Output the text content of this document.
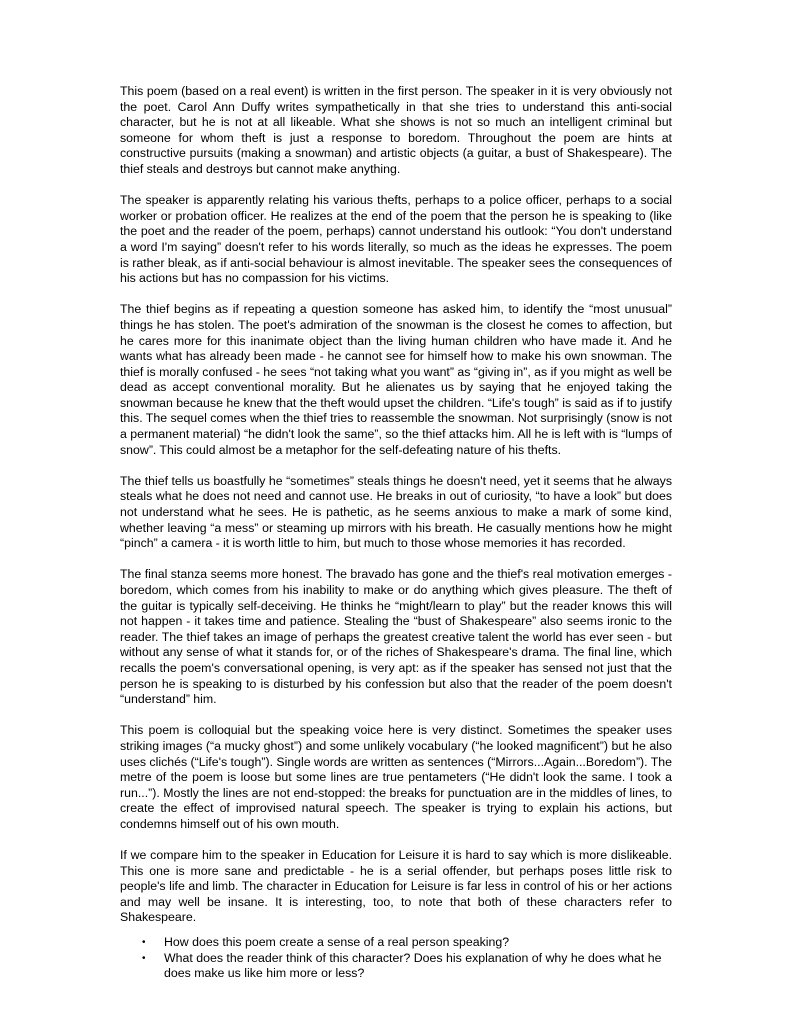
This poem (based on a real event) is written in the first person. The speaker in it is very obviously not the poet. Carol Ann Duffy writes sympathetically in that she tries to understand this anti-social character, but he is not at all likeable. What she shows is not so much an intelligent criminal but someone for whom theft is just a response to boredom. Throughout the poem are hints at constructive pursuits (making a snowman) and artistic objects (a guitar, a bust of Shakespeare). The thief steals and destroys but cannot make anything.

The speaker is apparently relating his various thefts, perhaps to a police officer, perhaps to a social worker or probation officer. He realizes at the end of the poem that the person he is speaking to (like the poet and the reader of the poem, perhaps) cannot understand his outlook: “You don't understand a word I'm saying” doesn't refer to his words literally, so much as the ideas he expresses. The poem is rather bleak, as if anti-social behaviour is almost inevitable. The speaker sees the consequences of his actions but has no compassion for his victims.

The thief begins as if repeating a question someone has asked him, to identify the “most unusual” things he has stolen. The poet's admiration of the snowman is the closest he comes to affection, but he cares more for this inanimate object than the living human children who have made it. And he wants what has already been made - he cannot see for himself how to make his own snowman. The thief is morally confused - he sees “not taking what you want” as “giving in”, as if you might as well be dead as accept conventional morality. But he alienates us by saying that he enjoyed taking the snowman because he knew that the theft would upset the children. “Life's tough” is said as if to justify this. The sequel comes when the thief tries to reassemble the snowman. Not surprisingly (snow is not a permanent material) “he didn't look the same”, so the thief attacks him. All he is left with is “lumps of snow”. This could almost be a metaphor for the self-defeating nature of his thefts.

The thief tells us boastfully he “sometimes” steals things he doesn't need, yet it seems that he always steals what he does not need and cannot use. He breaks in out of curiosity, “to have a look” but does not understand what he sees. He is pathetic, as he seems anxious to make a mark of some kind, whether leaving “a mess” or steaming up mirrors with his breath. He casually mentions how he might “pinch” a camera - it is worth little to him, but much to those whose memories it has recorded.

The final stanza seems more honest. The bravado has gone and the thief's real motivation emerges - boredom, which comes from his inability to make or do anything which gives pleasure. The theft of the guitar is typically self-deceiving. He thinks he “might/learn to play” but the reader knows this will not happen - it takes time and patience. Stealing the “bust of Shakespeare” also seems ironic to the reader. The thief takes an image of perhaps the greatest creative talent the world has ever seen - but without any sense of what it stands for, or of the riches of Shakespeare's drama. The final line, which recalls the poem's conversational opening, is very apt: as if the speaker has sensed not just that the person he is speaking to is disturbed by his confession but also that the reader of the poem doesn't “understand” him.

This poem is colloquial but the speaking voice here is very distinct. Sometimes the speaker uses striking images (“a mucky ghost”) and some unlikely vocabulary (“he looked magnificent”) but he also uses clichés (“Life's tough”). Single words are written as sentences (“Mirrors...Again...Boredom”). The metre of the poem is loose but some lines are true pentameters (“He didn't look the same. I took a run...”). Mostly the lines are not end-stopped: the breaks for punctuation are in the middles of lines, to create the effect of improvised natural speech. The speaker is trying to explain his actions, but condemns himself out of his own mouth.

If we compare him to the speaker in Education for Leisure it is hard to say which is more dislikeable. This one is more sane and predictable - he is a serial offender, but perhaps poses little risk to people's life and limb. The character in Education for Leisure is far less in control of his or her actions and may well be insane. It is interesting, too, to note that both of these characters refer to Shakespeare.

• How does this poem create a sense of a real person speaking?
• What does the reader think of this character? Does his explanation of why he does what he does make us like him more or less?
